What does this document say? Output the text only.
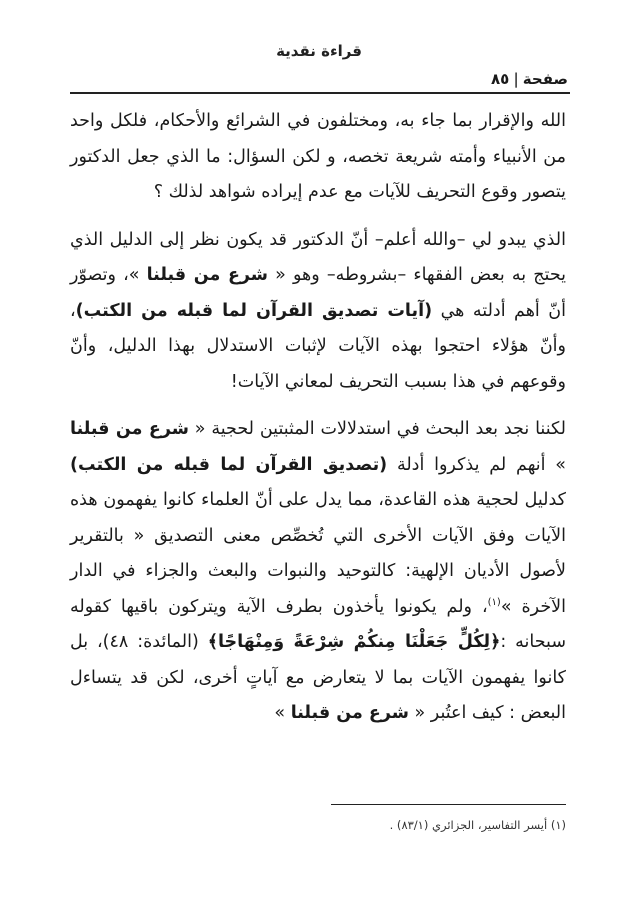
قراءة نقدية
صفحة
|
٨٥

الله والإقرار بما جاء به، ومختلفون في الشرائع والأحكام، فلكل واحد من الأنبياء وأمته شريعة تخصه، و لكن السؤال: ما الذي جعل الدكتور يتصور وقوع التحريف للآيات مع عدم إيراده شواهد لذلك ؟

الذي يبدو لي –والله أعلم– أنّ الدكتور قد يكون نظر إلى الدليل الذي يحتج به بعض الفقهاء –بشروطه– وهو « شرع من قبلنا »، وتصوّر أنّ أهم أدلته هي (آيات تصديق القرآن لما قبله من الكتب)، وأنّ هؤلاء احتجوا بهذه الآيات لإثبات الاستدلال بهذا الدليل، وأنّ وقوعهم في هذا بسبب التحريف لمعاني الآيات!

لكننا نجد بعد البحث في استدلالات المثبتين لحجية « شرع من قبلنا » أنهم لم يذكروا أدلة (تصديق القرآن لما قبله من الكتب) كدليل لحجية هذه القاعدة، مما يدل على أنّ العلماء كانوا يفهمون هذه الآيات وفق الآيات الأخرى التي تُخصِّص معنى التصديق « بالتقرير لأصول الأديان الإلهية: كالتوحيد والنبوات والبعث والجزاء في الدار الآخرة »$^{(١)}$، ولم يكونوا يأخذون بطرف الآية ويتركون باقيها كقوله سبحانه :﴿لِكُلٍّ جَعَلْنَا مِنكُمْ شِرْعَةً وَمِنْهَاجًا﴾ (المائدة: ٤٨)، بل كانوا يفهمون الآيات بما لا يتعارض مع آياتٍ أخرى، لكن قد يتساءل البعض : كيف اعتُبر « شرع من قبلنا »

(١) أيسر التفاسير، الجزائري (٨٣/١) .
